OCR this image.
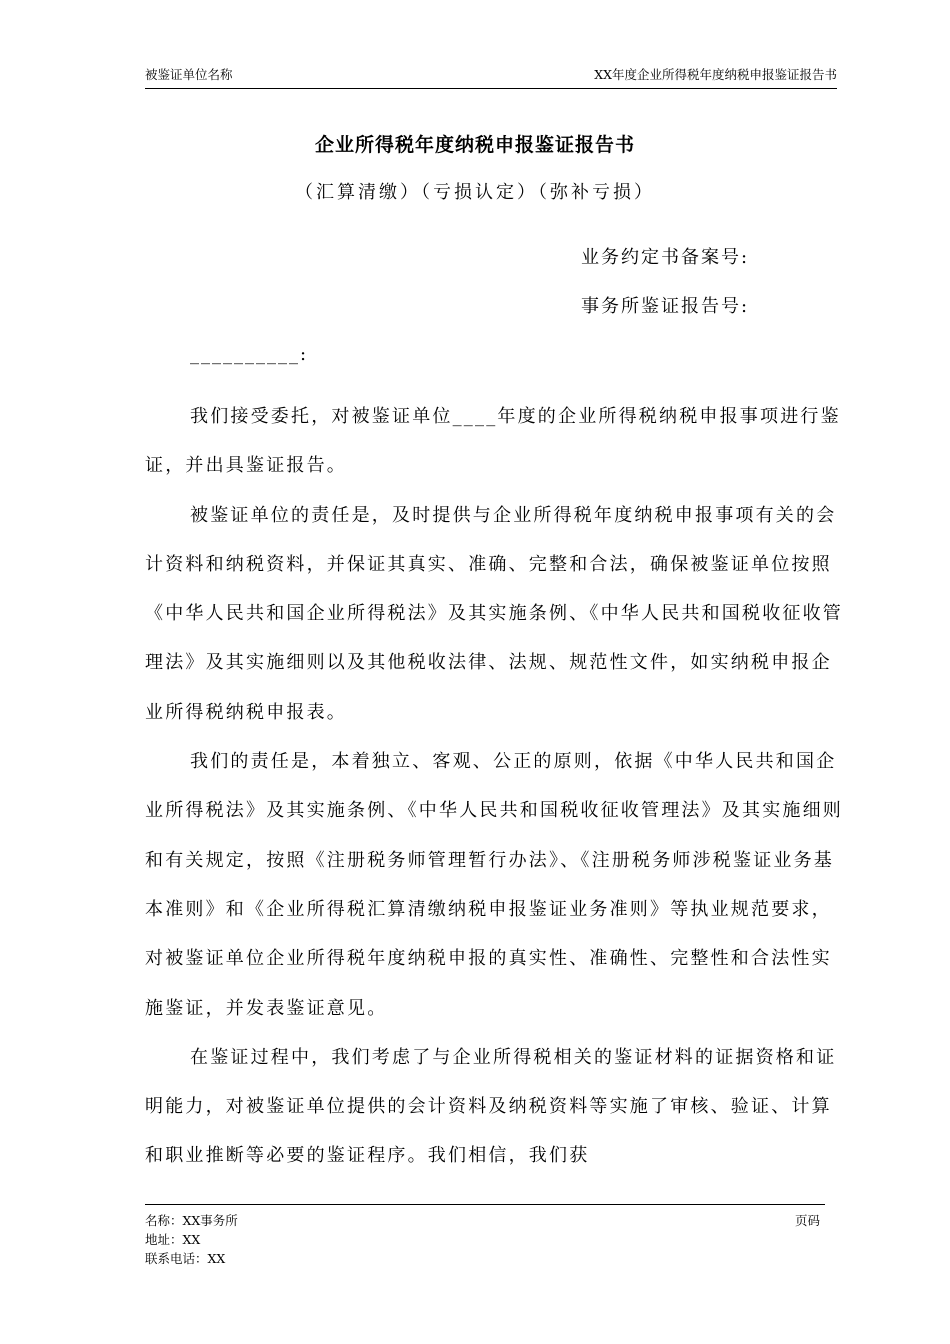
被鉴证单位名称	XX年度企业所得税年度纳税申报鉴证报告书
企业所得税年度纳税申报鉴证报告书
（汇算清缴）（亏损认定）（弥补亏损）
业务约定书备案号:
事务所鉴证报告号:
__________:

我们接受委托，对被鉴证单位____年度的企业所得税纳税申报事项进行鉴证，并出具鉴证报告。

被鉴证单位的责任是，及时提供与企业所得税年度纳税申报事项有关的会计资料和纳税资料，并保证其真实、准确、完整和合法，确保被鉴证单位按照《中华人民共和国企业所得税法》及其实施条例、《中华人民共和国税收征收管理法》及其实施细则以及其他税收法律、法规、规范性文件，如实纳税申报企业所得税纳税申报表。

我们的责任是，本着独立、客观、公正的原则，依据《中华人民共和国企业所得税法》及其实施条例、《中华人民共和国税收征收管理法》及其实施细则和有关规定，按照《注册税务师管理暂行办法》、《注册税务师涉税鉴证业务基本准则》和《企业所得税汇算清缴纳税申报鉴证业务准则》等执业规范要求，对被鉴证单位企业所得税年度纳税申报的真实性、准确性、完整性和合法性实施鉴证，并发表鉴证意见。

在鉴证过程中，我们考虑了与企业所得税相关的鉴证材料的证据资格和证明能力，对被鉴证单位提供的会计资料及纳税资料等实施了审核、验证、计算和职业推断等必要的鉴证程序。我们相信，我们获

名称：XX事务所
地址：XX
联系电话：XX
页码
